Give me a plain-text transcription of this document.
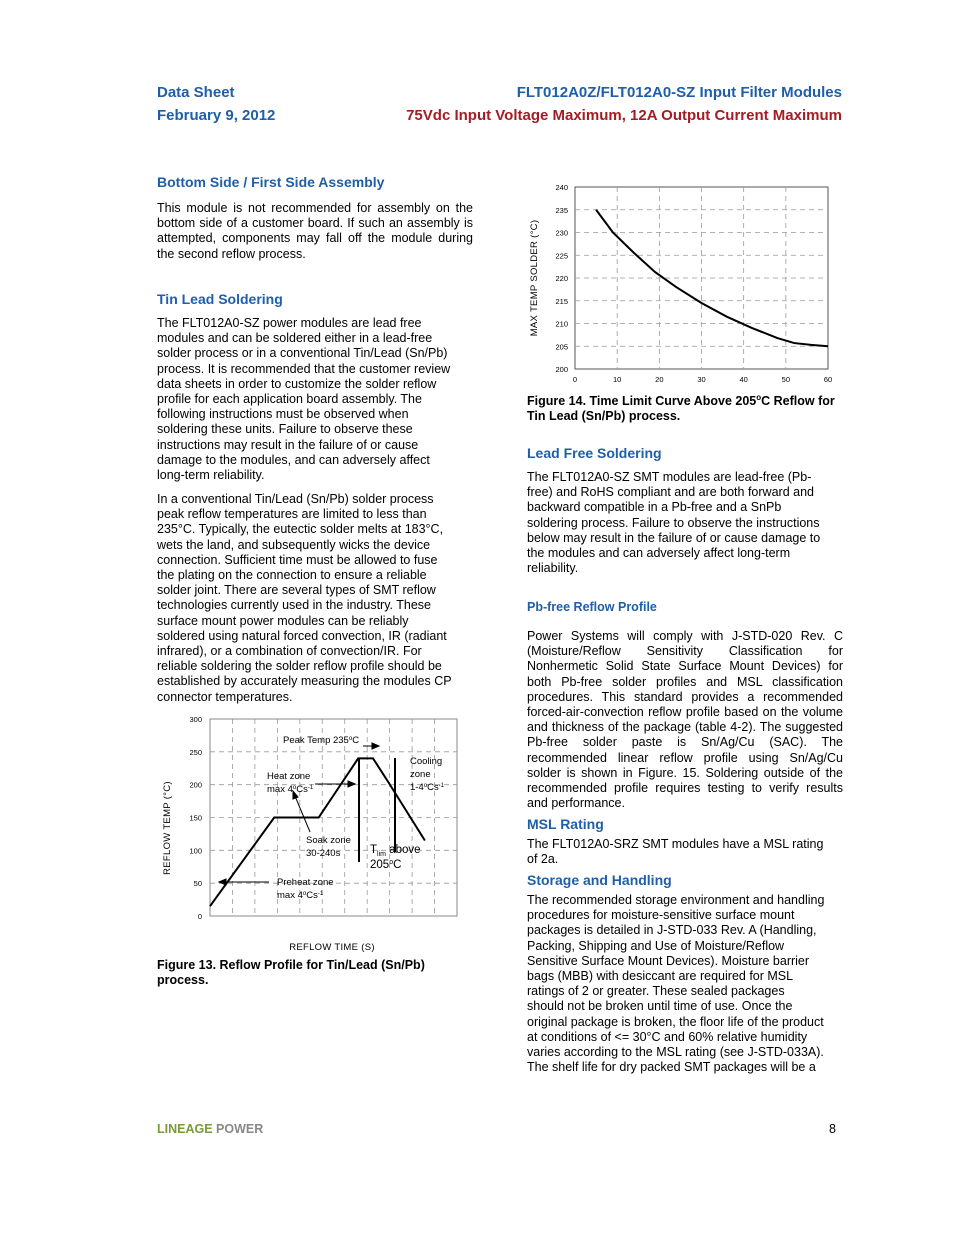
Data Sheet
February 9, 2012
FLT012A0Z/FLT012A0-SZ Input Filter Modules
75Vdc Input Voltage Maximum, 12A Output Current Maximum
Bottom Side / First Side Assembly
This module is not recommended for assembly on the bottom side of a customer board. If such an assembly is attempted, components may fall off the module during the second reflow process.
Tin Lead Soldering
The FLT012A0-SZ power modules are lead free
modules and can be soldered either in a lead-free
solder process or in a conventional Tin/Lead (Sn/Pb)
process. It is recommended that the customer review
data sheets in order to customize the solder reflow
profile for each application board assembly. The
following instructions must be observed when
soldering these units. Failure to observe these
instructions may result in the failure of or cause
damage to the modules, and can adversely affect
long-term reliability.
In a conventional Tin/Lead (Sn/Pb) solder process
peak reflow temperatures are limited to less than
235°C. Typically, the eutectic solder melts at 183°C,
wets the land, and subsequently wicks the device
connection. Sufficient time must be allowed to fuse
the plating on the connection to ensure a reliable
solder joint. There are several types of SMT reflow
technologies currently used in the industry. These
surface mount power modules can be reliably
soldered using natural forced convection, IR (radiant
infrared), or a combination of convection/IR. For
reliable soldering the solder reflow profile should be
established by accurately measuring the modules CP
connector temperatures.
0
50
100
150
200
250
300
Peak Temp 235$^o$C
Heat zone
$\max 4^oCs^{-1}$
Cooling
zone
$1-4^oCs^{-1}$
Soak zone
30-240s	$T_{lim}$ above
205$^o$C
Preheat zone
$\max 4^oCs^{-1}$
REFLOW TEMP (°C)
REFLOW TIME (S)
Figure 13. Reflow Profile for Tin/Lead (Sn/Pb) process.
200
205
210
215
220
225
230
235
240
0	10	20	30	40	50	60
MAX TEMP SOLDER (°C)
Figure 14. Time Limit Curve Above 205$^o$C Reflow for Tin Lead (Sn/Pb) process.
Lead Free Soldering
The FLT012A0-SZ SMT modules are lead-free (Pb-
free) and RoHS compliant and are both forward and
backward compatible in a Pb-free and a SnPb
soldering process. Failure to observe the instructions
below may result in the failure of or cause damage to
the modules and can adversely affect long-term
reliability.
Pb-free Reflow Profile
Power Systems will comply with J-STD-020 Rev. C (Moisture/Reflow Sensitivity Classification for Nonhermetic Solid State Surface Mount Devices) for both Pb-free solder profiles and MSL classification procedures. This standard provides a recommended forced-air-convection reflow profile based on the volume and thickness of the package (table 4-2). The suggested Pb-free solder paste is Sn/Ag/Cu (SAC). The recommended linear reflow profile using Sn/Ag/Cu solder is shown in Figure. 15. Soldering outside of the recommended profile requires testing to verify results and performance.
MSL Rating
The FLT012A0-SRZ SMT modules have a MSL rating
of 2a.
Storage and Handling
The recommended storage environment and handling
procedures for moisture-sensitive surface mount
packages is detailed in J-STD-033 Rev. A (Handling,
Packing, Shipping and Use of Moisture/Reflow
Sensitive Surface Mount Devices). Moisture barrier
bags (MBB) with desiccant are required for MSL
ratings of 2 or greater. These sealed packages
should not be broken until time of use. Once the
original package is broken, the floor life of the product
at conditions of <= 30°C and 60% relative humidity
varies according to the MSL rating (see J-STD-033A).
The shelf life for dry packed SMT packages will be a
LINEAGE POWER	8
